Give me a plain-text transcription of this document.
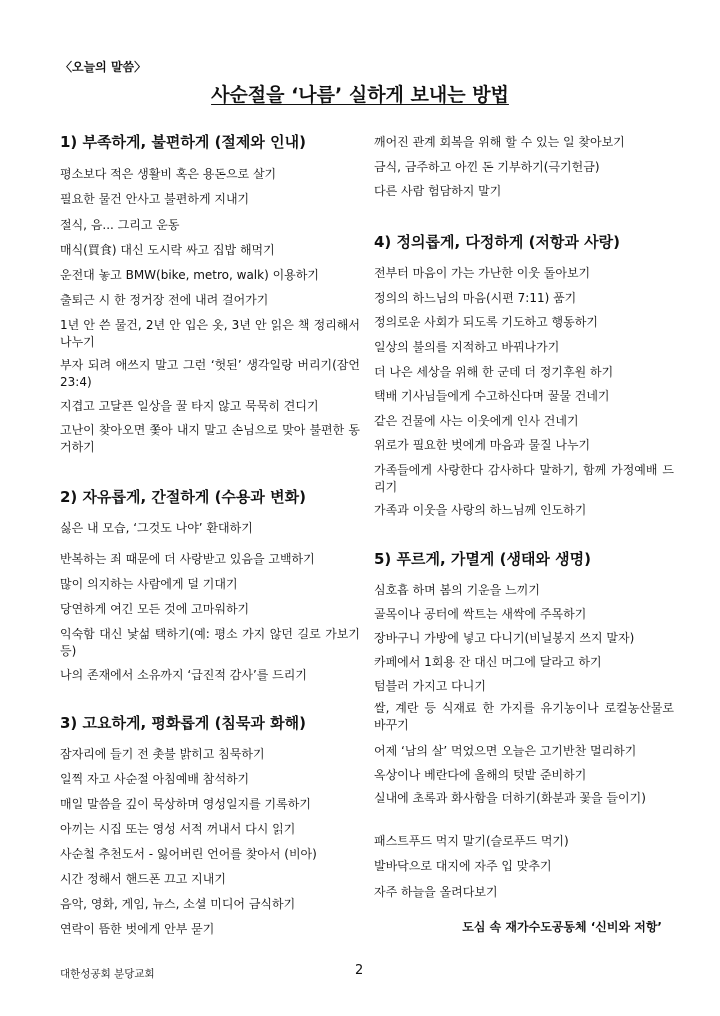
〈오늘의 말씀〉
사순절을 ‘나름’ 실하게 보내는 방법
1) 부족하게, 불편하게 (절제와 인내)
평소보다 적은 생활비 혹은 용돈으로 살기
필요한 물건 안사고 불편하게 지내기
절식, 음... 그리고 운동
매식(買食) 대신 도시락 싸고 집밥 해먹기
운전대 놓고 BMW(bike, metro, walk) 이용하기
출퇴근 시 한 정거장 전에 내려 걸어가기
1년 안 쓴 물건, 2년 안 입은 옷, 3년 안 읽은 책 정리해서 나누기
부자 되려 애쓰지 말고 그런 ‘헛된’ 생각일랑 버리기(잠언 23:4)
지겹고 고달픈 일상을 꿀 타지 않고 묵묵히 견디기
고난이 찾아오면 쫓아 내지 말고 손님으로 맞아 불편한 동거하기
2) 자유롭게, 간절하게 (수용과 변화)
싫은 내 모습, ‘그것도 나야’ 환대하기
반복하는 죄 때문에 더 사랑받고 있음을 고백하기
많이 의지하는 사람에게 덜 기대기
당연하게 여긴 모든 것에 고마워하기
익숙함 대신 낯섦 택하기(예: 평소 가지 않던 길로 가보기 등)
나의 존재에서 소유까지 ‘급진적 감사’를 드리기
3) 고요하게, 평화롭게 (침묵과 화해)
잠자리에 들기 전 촛불 밝히고 침묵하기
일찍 자고 사순절 아침예배 참석하기
매일 말씀을 깊이 묵상하며 영성일지를 기록하기
아끼는 시집 또는 영성 서적 꺼내서 다시 읽기
사순철 추천도서 - 잃어버린 언어를 찾아서 (비아)
시간 정해서 핸드폰 끄고 지내기
음악, 영화, 게임, 뉴스, 소셜 미디어 금식하기
연락이 뜸한 벗에게 안부 묻기
깨어진 관계 회복을 위해 할 수 있는 일 찾아보기
금식, 금주하고 아낀 돈 기부하기(극기헌금)
다른 사람 험담하지 말기
4) 정의롭게, 다정하게 (저항과 사랑)
전부터 마음이 가는 가난한 이웃 돌아보기
정의의 하느님의 마음(시편 7:11) 품기
정의로운 사회가 되도록 기도하고 행동하기
일상의 불의를 지적하고 바꿔나가기
더 나은 세상을 위해 한 군데 더 정기후원 하기
택배 기사님들에게 수고하신다며 꿀물 건네기
같은 건물에 사는 이웃에게 인사 건네기
위로가 필요한 벗에게 마음과 물질 나누기
가족들에게 사랑한다 감사하다 말하기, 함께 가정예배 드리기
가족과 이웃을 사랑의 하느님께 인도하기
5) 푸르게, 가멸게 (생태와 생명)
심호흡 하며 봄의 기운을 느끼기
골목이나 공터에 싹트는 새싹에 주목하기
장바구니 가방에 넣고 다니기(비닐봉지 쓰지 말자)
카페에서 1회용 잔 대신 머그에 달라고 하기
텀블러 가지고 다니기
쌀, 계란 등 식재료 한 가지를 유기농이나 로컬농산물로 바꾸기
어제 ‘남의 살’ 먹었으면 오늘은 고기반찬 멀리하기
옥상이나 베란다에 올해의 텃밭 준비하기
실내에 초록과 화사함을 더하기(화분과 꽃을 들이기)
패스트푸드 먹지 말기(슬로푸드 먹기)
발바닥으로 대지에 자주 입 맞추기
자주 하늘을 올려다보기
도심 속 재가수도공동체 ‘신비와 저항’
대한성공회 분당교회	2
